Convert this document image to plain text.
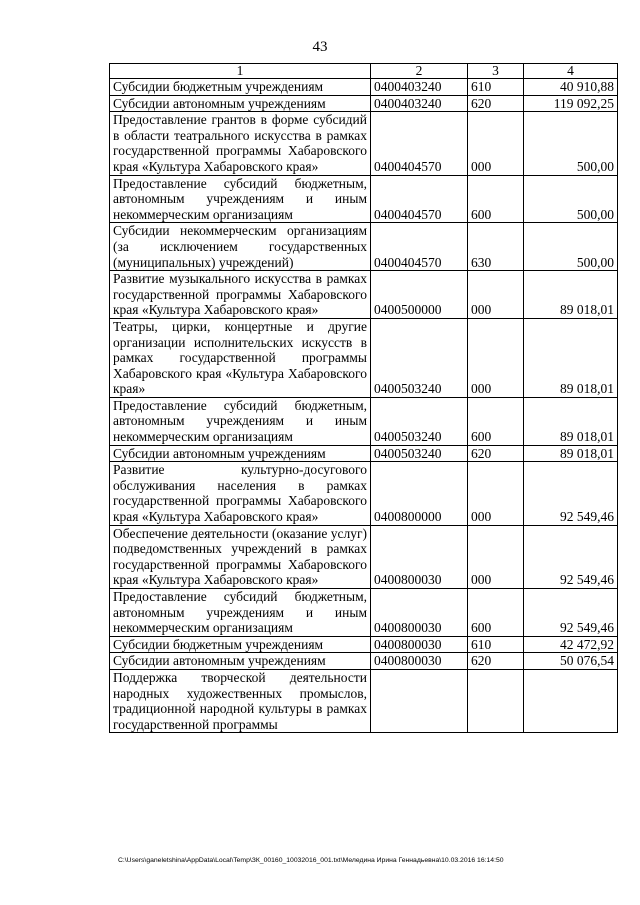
43
1	2	3	4
Субсидии бюджетным учреждениям	0400403240	610	40 910,88
Субсидии автономным учреждениям	0400403240	620	119 092,25
Предоставление грантов в форме субсидий в области театрального искусства в рамках государственной программы Хабаровского края «Культура Хабаровского края»	0400404570	000	500,00
Предоставление субсидий бюджетным, автономным учреждениям и иным некоммерческим организациям	0400404570	600	500,00
Субсидии некоммерческим организациям (за исключением государственных (муниципальных) учреждений)	0400404570	630	500,00
Развитие музыкального искусства в рамках государственной программы Хабаровского края «Культура Хабаровского края»	0400500000	000	89 018,01
Театры, цирки, концертные и другие организации исполнительских искусств в рамках государственной программы Хабаровского края «Культура Хабаровского края»	0400503240	000	89 018,01
Предоставление субсидий бюджетным, автономным учреждениям и иным некоммерческим организациям	0400503240	600	89 018,01
Субсидии автономным учреждениям	0400503240	620	89 018,01
Развитие культурно-досугового обслуживания населения в рамках государственной программы Хабаровского края «Культура Хабаровского края»	0400800000	000	92 549,46
Обеспечение деятельности (оказание услуг) подведомственных учреждений в рамках государственной программы Хабаровского края «Культура Хабаровского края»	0400800030	000	92 549,46
Предоставление субсидий бюджетным, автономным учреждениям и иным некоммерческим организациям	0400800030	600	92 549,46
Субсидии бюджетным учреждениям	0400800030	610	42 472,92
Субсидии автономным учреждениям	0400800030	620	50 076,54
Поддержка творческой деятельности народных художественных промыслов, традиционной народной культуры в рамках государственной программы			
C:\Users\ganeletshina\AppData\Local\Temp\ЗК_00160_10032016_001.txt\Меледина Ирина Геннадьевна\10.03.2016 16:14:50
